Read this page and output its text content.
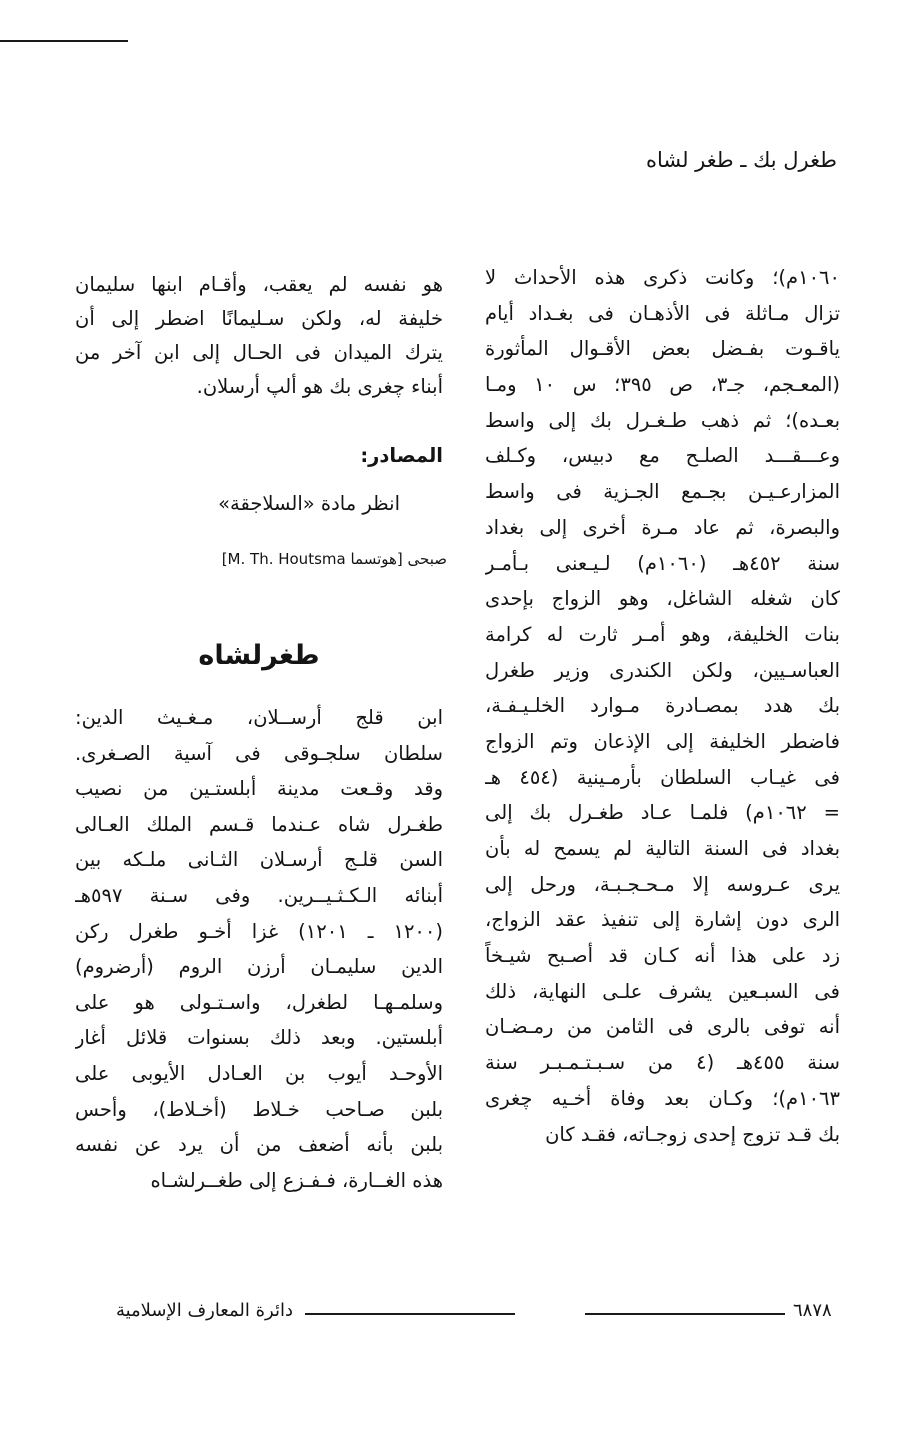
طغرل بك ـ طغر لشاه
١٠٦٠م)؛ وكانت ذكرى هذه الأحداث لا
تزال مـاثلة فى الأذهـان فى بغـداد أيام
ياقـوت بفـضل بعض الأقـوال المأثورة
(المعـجم، جـ٣، ص ٣٩٥؛ س ١٠ ومـا
بعـده)؛ ثم ذهب طـغـرل بك إلى واسط
وعـــقـــد الصلـح مع دبيس، وكـلف
المزارعـيـن بجـمع الجـزية فى واسط
والبصرة، ثم عاد مـرة أخرى إلى بغداد
سنة ٤٥٢هـ (١٠٦٠م) لـيـعنى بـأمـر
كان شغله الشاغل، وهو الزواج بإحدى
بنات الخليفة، وهو أمـر ثارت له كرامة
العباسـيين، ولكن الكندرى وزير طغرل
بك هدد بمصـادرة مـوارد الخلـيـفـة،
فاضطر الخليفة إلى الإذعان وتم الزواج
فى غيـاب السلطان بأرمـينية (٤٥٤ هـ
= ١٠٦٢م) فلمـا عـاد طغـرل بك إلى
بغداد فى السنة التالية لم يسمح له بأن
يرى عـروسه إلا مـحـجـبـة، ورحل إلى
الرى دون إشارة إلى تنفيذ عقد الزواج،
زد على هذا أنه كـان قد أصـبح شيـخاً
فى السبـعين يشرف علـى النهاية، ذلك
أنه توفى بالرى فى الثامن من رمـضـان
سنة ٤٥٥هـ (٤ من سـبـتـمـبـر سنة
١٠٦٣م)؛ وكـان بعد وفاة أخـيه چغرى
بك قـد تزوج إحدى زوجـاته، فقـد كان
هو نفسه لم يعقب، وأقـام ابنها سليمان
خليفة له، ولكن سـليمانًا اضطر إلى أن
يترك الميدان فى الحـال إلى ابن آخر من
أبناء چغرى بك هو ألپ أرسلان.
المصادر:
انظر مادة «السلاجقة»
صبحى [هوتسما M. Th. Houtsma]
طغرلشاه
ابن قلج أرســلان، مـغـيث الدين:
سلطان سلجـوقى فى آسية الصـغرى.
وقد وقـعت مدينة أبلستـين من نصيب
طغـرل شاه عـندما قـسم الملك العـالى
السن قلـج أرسـلان الثـانى ملـكه بين
أبنائه الـكـثـيــرين. وفى سـنة ٥٩٧هـ
(١٢٠٠ ـ ١٢٠١) غزا أخـو طغرل ركن
الدين سليمـان أرزن الروم (أرضروم)
وسلمـهـا لطغرل، واسـتـولى هو على
أبلستين. وبعد ذلك بسنوات قلائل أغار
الأوحـد أيوب بن العـادل الأيوبى على
بلبن صـاحب خـلاط (أخـلاط)، وأحس
بلبن بأنه أضعف من أن يرد عن نفسه
هذه الغــارة، فـفـزع إلى طغــرلشـاه
٦٨٧٨
دائرة المعارف الإسلامية
